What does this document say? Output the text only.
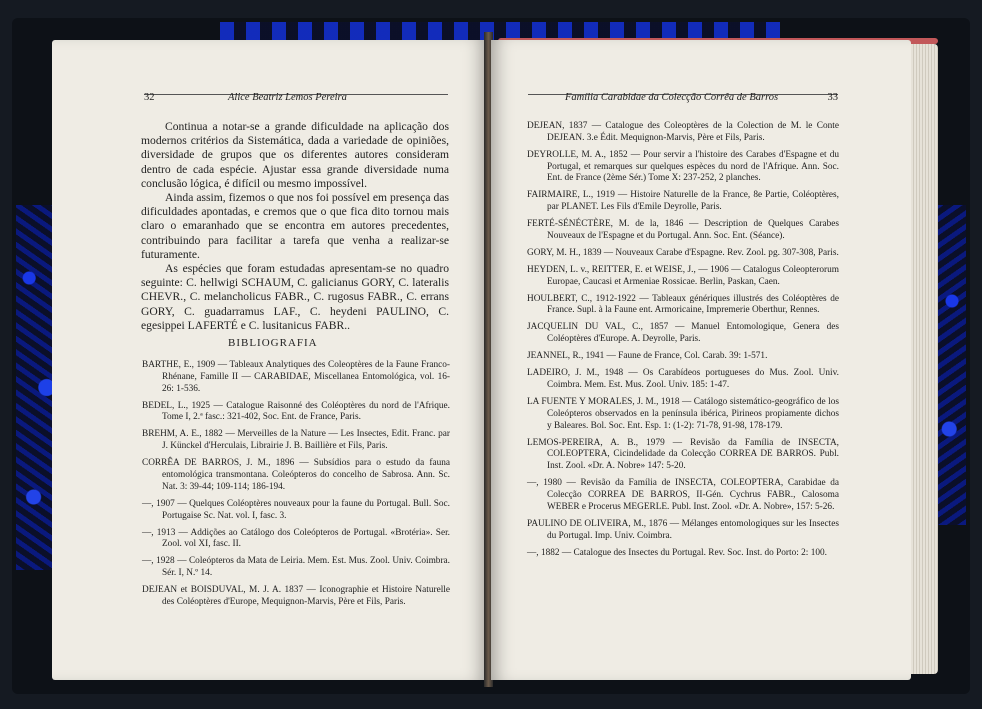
32	Alice Beatriz Lemos Pereira

Continua a notar-se a grande dificuldade na aplicação dos modernos critérios da Sistemática, dada a variedade de opiniões, diversidade de grupos que os diferentes autores consideram dentro de cada espécie. Ajustar essa grande diversidade numa conclusão lógica, é difícil ou mesmo impossível.

Ainda assim, fizemos o que nos foi possível em presença das dificuldades apontadas, e cremos que o que fica dito tornou mais claro o emaranhado que se encontra em autores precedentes, contribuindo para facilitar a tarefa que venha a realizar-se futuramente.

As espécies que foram estudadas apresentam-se no quadro seguinte: C. hellwigi SCHAUM, C. galicianus GORY, C. lateralis CHEVR., C. melancholicus FABR., C. rugosus FABR., C. errans GORY, C. guadarramus LAF., C. heydeni PAULINO, C. egesippei LAFERTÉ e C. lusitanicus FABR..

BIBLIOGRAFIA

BARTHE, E., 1909 — Tableaux Analytiques des Coleoptères de la Faune Franco-Rhénane, Famille II — CARABIDAE, Miscellanea Entomológica, vol. 16-26: 1-536.

BEDEL, L., 1925 — Catalogue Raisonné des Coléoptères du nord de l'Afrique. Tome I, 2.ª fasc.: 321-402, Soc. Ent. de France, Paris.

BREHM, A. E., 1882 — Merveilles de la Nature — Les Insectes, Edit. Franc. par J. Künckel d'Herculais, Librairie J. B. Baillière et Fils, Paris.

CORRÊA DE BARROS, J. M., 1896 — Subsídios para o estudo da fauna entomológica transmontana. Coleópteros do concelho de Sabrosa. Ann. Sc. Nat. 3: 39-44; 109-114; 186-194.

—, 1907 — Quelques Coléoptères nouveaux pour la faune du Portugal. Bull. Soc. Portugaise Sc. Nat. vol. I, fasc. 3.

—, 1913 — Addições ao Catálogo dos Coleópteros de Portugal. «Brotéria». Ser. Zool. vol XI, fasc. II.

—, 1928 — Coleópteros da Mata de Leiria. Mem. Est. Mus. Zool. Univ. Coimbra. Sér. I, N.º 14.

DEJEAN et BOISDUVAL, M. J. A. 1837 — Iconographie et Histoire Naturelle des Coléoptères d'Europe, Mequignon-Marvis, Père et Fils, Paris.

Família Carabidae da Colecção Corrêa de Barros	33

DEJEAN, 1837 — Catalogue des Coleoptères de la Colection de M. le Conte DEJEAN. 3.e Édit. Mequignon-Marvis, Père et Fils, Paris.

DEYROLLE, M. A., 1852 — Pour servir a l'histoire des Carabes d'Espagne et du Portugal, et remarques sur quelques espèces du nord de l'Afrique. Ann. Soc. Ent. de France (2ème Sér.) Tome X: 237-252, 2 planches.

FAIRMAIRE, L., 1919 — Histoire Naturelle de la France, 8e Partie, Coléoptères, par PLANET. Les Fils d'Emile Deyrolle, Paris.

FERTÉ-SÉNÉCTÈRE, M. de la, 1846 — Description de Quelques Carabes Nouveaux de l'Espagne et du Portugal. Ann. Soc. Ent. (Séance).

GORY, M. H., 1839 — Nouveaux Carabe d'Espagne. Rev. Zool. pg. 307-308, Paris.

HEYDEN, L. v., REITTER, E. et WEISE, J., — 1906 — Catalogus Coleopterorum Europae, Caucasi et Armeniae Rossicae. Berlin, Paskan, Caen.

HOULBERT, C., 1912-1922 — Tableaux génériques illustrés des Coléoptères de France. Supl. à la Faune ent. Armoricaine, Impremerie Oberthur, Rennes.

JACQUELIN DU VAL, C., 1857 — Manuel Entomologique, Genera des Coléoptères d'Europe. A. Deyrolle, Paris.

JEANNEL, R., 1941 — Faune de France, Col. Carab. 39: 1-571.

LADEIRO, J. M., 1948 — Os Carabídeos portugueses do Mus. Zool. Univ. Coimbra. Mem. Est. Mus. Zool. Univ. 185: 1-47.

LA FUENTE Y MORALES, J. M., 1918 — Catálogo sistemático-geográfico de los Coleópteros observados en la península ibérica, Pirineos propiamente dichos y Baleares. Bol. Soc. Ent. Esp. 1: (1-2): 71-78, 91-98, 178-179.

LEMOS-PEREIRA, A. B., 1979 — Revisão da Família de INSECTA, COLEOPTERA, Cicindelidade da Colecção CORREA DE BARROS. Publ. Inst. Zool. «Dr. A. Nobre» 147: 5-20.

—, 1980 — Revisão da Família de INSECTA, COLEOPTERA, Carabidae da Colecção CORREA DE BARROS, II-Gén. Cychrus FABR., Calosoma WEBER e Procerus MEGERLE. Publ. Inst. Zool. «Dr. A. Nobre», 157: 5-26.

PAULINO DE OLIVEIRA, M., 1876 — Mélanges entomologiques sur les Insectes du Portugal. Imp. Univ. Coimbra.

—, 1882 — Catalogue des Insectes du Portugal. Rev. Soc. Inst. do Porto: 2: 100.
